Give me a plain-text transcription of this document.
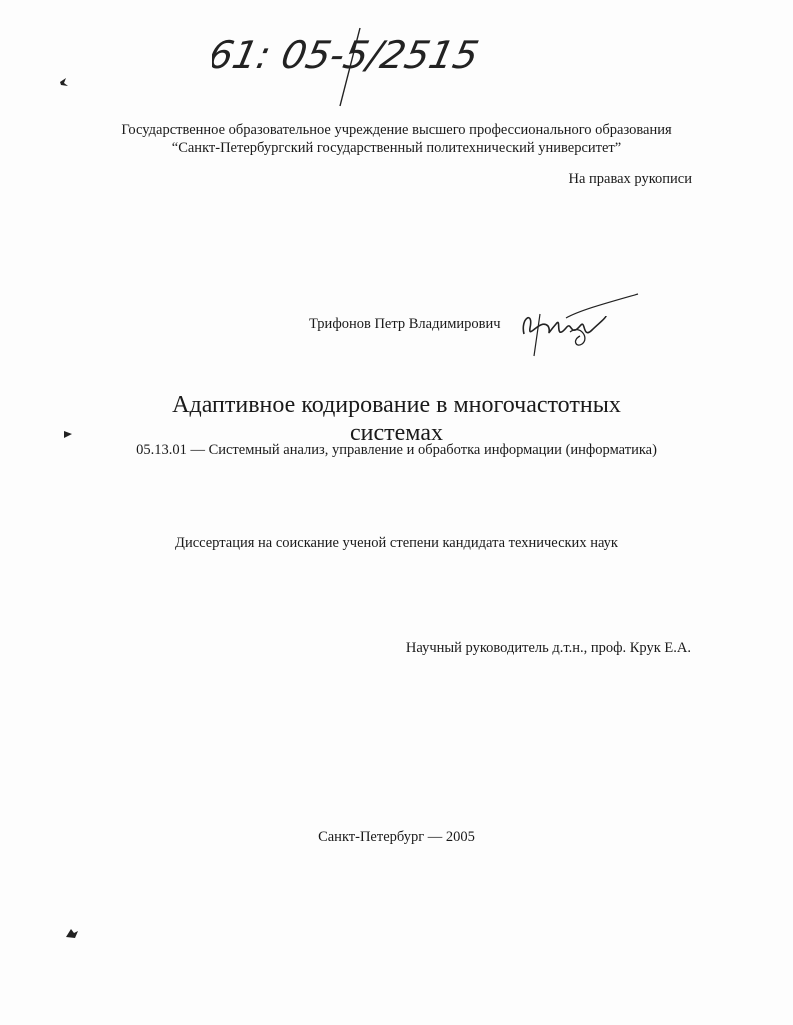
61: 05-5/2515
Государственное образовательное учреждение высшего профессионального образования
“Санкт-Петербургский государственный политехнический университет”
На правах рукописи
Трифонов Петр Владимирович
Адаптивное кодирование в многочастотных
системах
05.13.01 — Системный анализ, управление и обработка информации (информатика)
Диссертация на соискание ученой степени кандидата технических наук
Научный руководитель д.т.н., проф. Крук Е.А.
Санкт-Петербург — 2005
